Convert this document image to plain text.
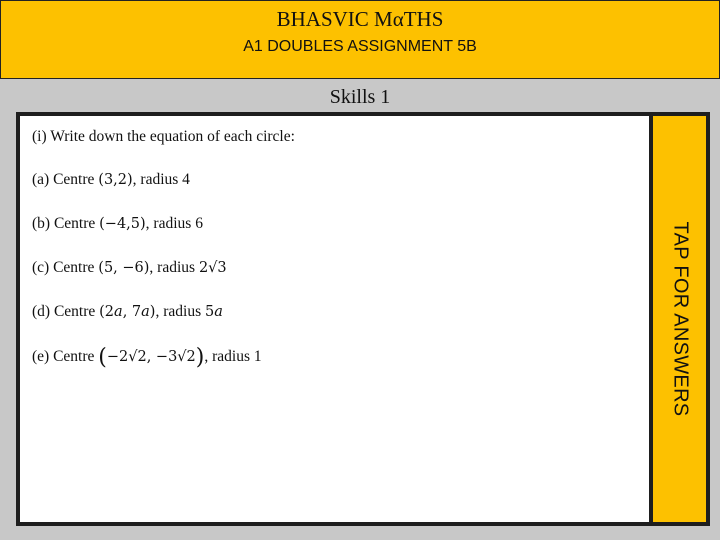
BHASVIC MαTHS
A1 DOUBLES ASSIGNMENT 5B
Skills 1
(i) Write down the equation of each circle:
(a) Centre (3,2), radius 4
(b) Centre (−4,5), radius 6
(c) Centre (5, −6), radius 2√3
(d) Centre (2a, 7a), radius 5a
(e) Centre (−2√2, −3√2), radius 1	TAP FOR ANSWERS
